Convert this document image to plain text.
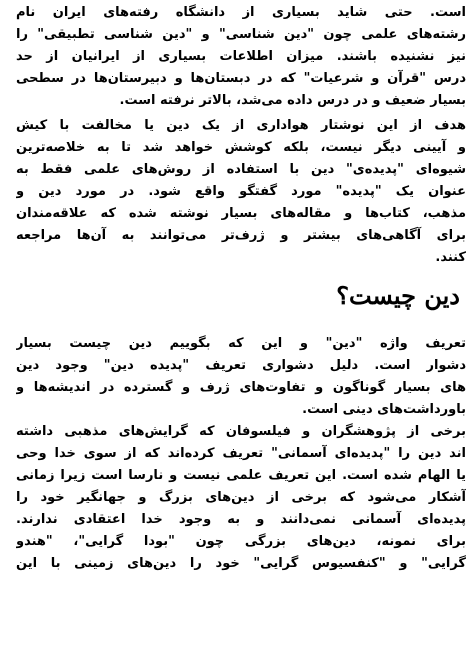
است. حتی شاید بسیاری از دانشگاه رفته‌های ایران نام
رشته‌های علمی چون "دین شناسی" و "دین شناسی تطبیقی" را
نیز نشنیده باشند. میزان اطلاعات بسیاری از ایرانیان از حد
درس "قرآن و شرعیات" که در دبستان‌ها و دبیرستان‌ها در سطحی
بسیار ضعیف و در درس داده می‌شد، بالاتر نرفته است.
هدف از این نوشتار هواداری از یک دین یا مخالفت با کیش
و آیینی دیگر نیست، بلکه کوشش خواهد شد تا به خلاصه‌ترین
شیوه‌ای "پدیده‌ی" دین با استفاده از روش‌های علمی فقط به
عنوان یک "پدیده" مورد گفتگو واقع شود. در مورد دین و
مذهب، کتاب‌ها و مقاله‌های بسیار نوشته شده که علاقه‌مندان
برای آگاهی‌های بیشتر و ژرف‌تر می‌توانند به آن‌ها مراجعه
کنند.
دین چیست؟
تعریف واژه "دین" و این که بگوییم دین چیست بسیار
دشوار است. دلیل دشواری تعریف "پدیده دین" وجود دین‌
های بسیار گوناگون و تفاوت‌های ژرف و گسترده در اندیشه‌ها و
باورداشت‌های دینی است.
برخی از پژوهشگران و فیلسوفان که گرایش‌های مذهبی داشته‌
اند دین را "پدیده‌ای آسمانی" تعریف کرده‌اند که از سوی خدا وحی
یا الهام شده است. این تعریف علمی نیست و نارسا است زیرا زمانی
آشکار می‌شود که برخی از دین‌های بزرگ و جهانگیر خود را
پدیده‌ای آسمانی نمی‌دانند و به وجود خدا اعتقادی ندارند.
برای نمونه، دین‌های بزرگی چون "بودا گرایی"، "هندو
گرایی" و "کنفسیوس گرایی" خود را دین‌های زمینی با این
